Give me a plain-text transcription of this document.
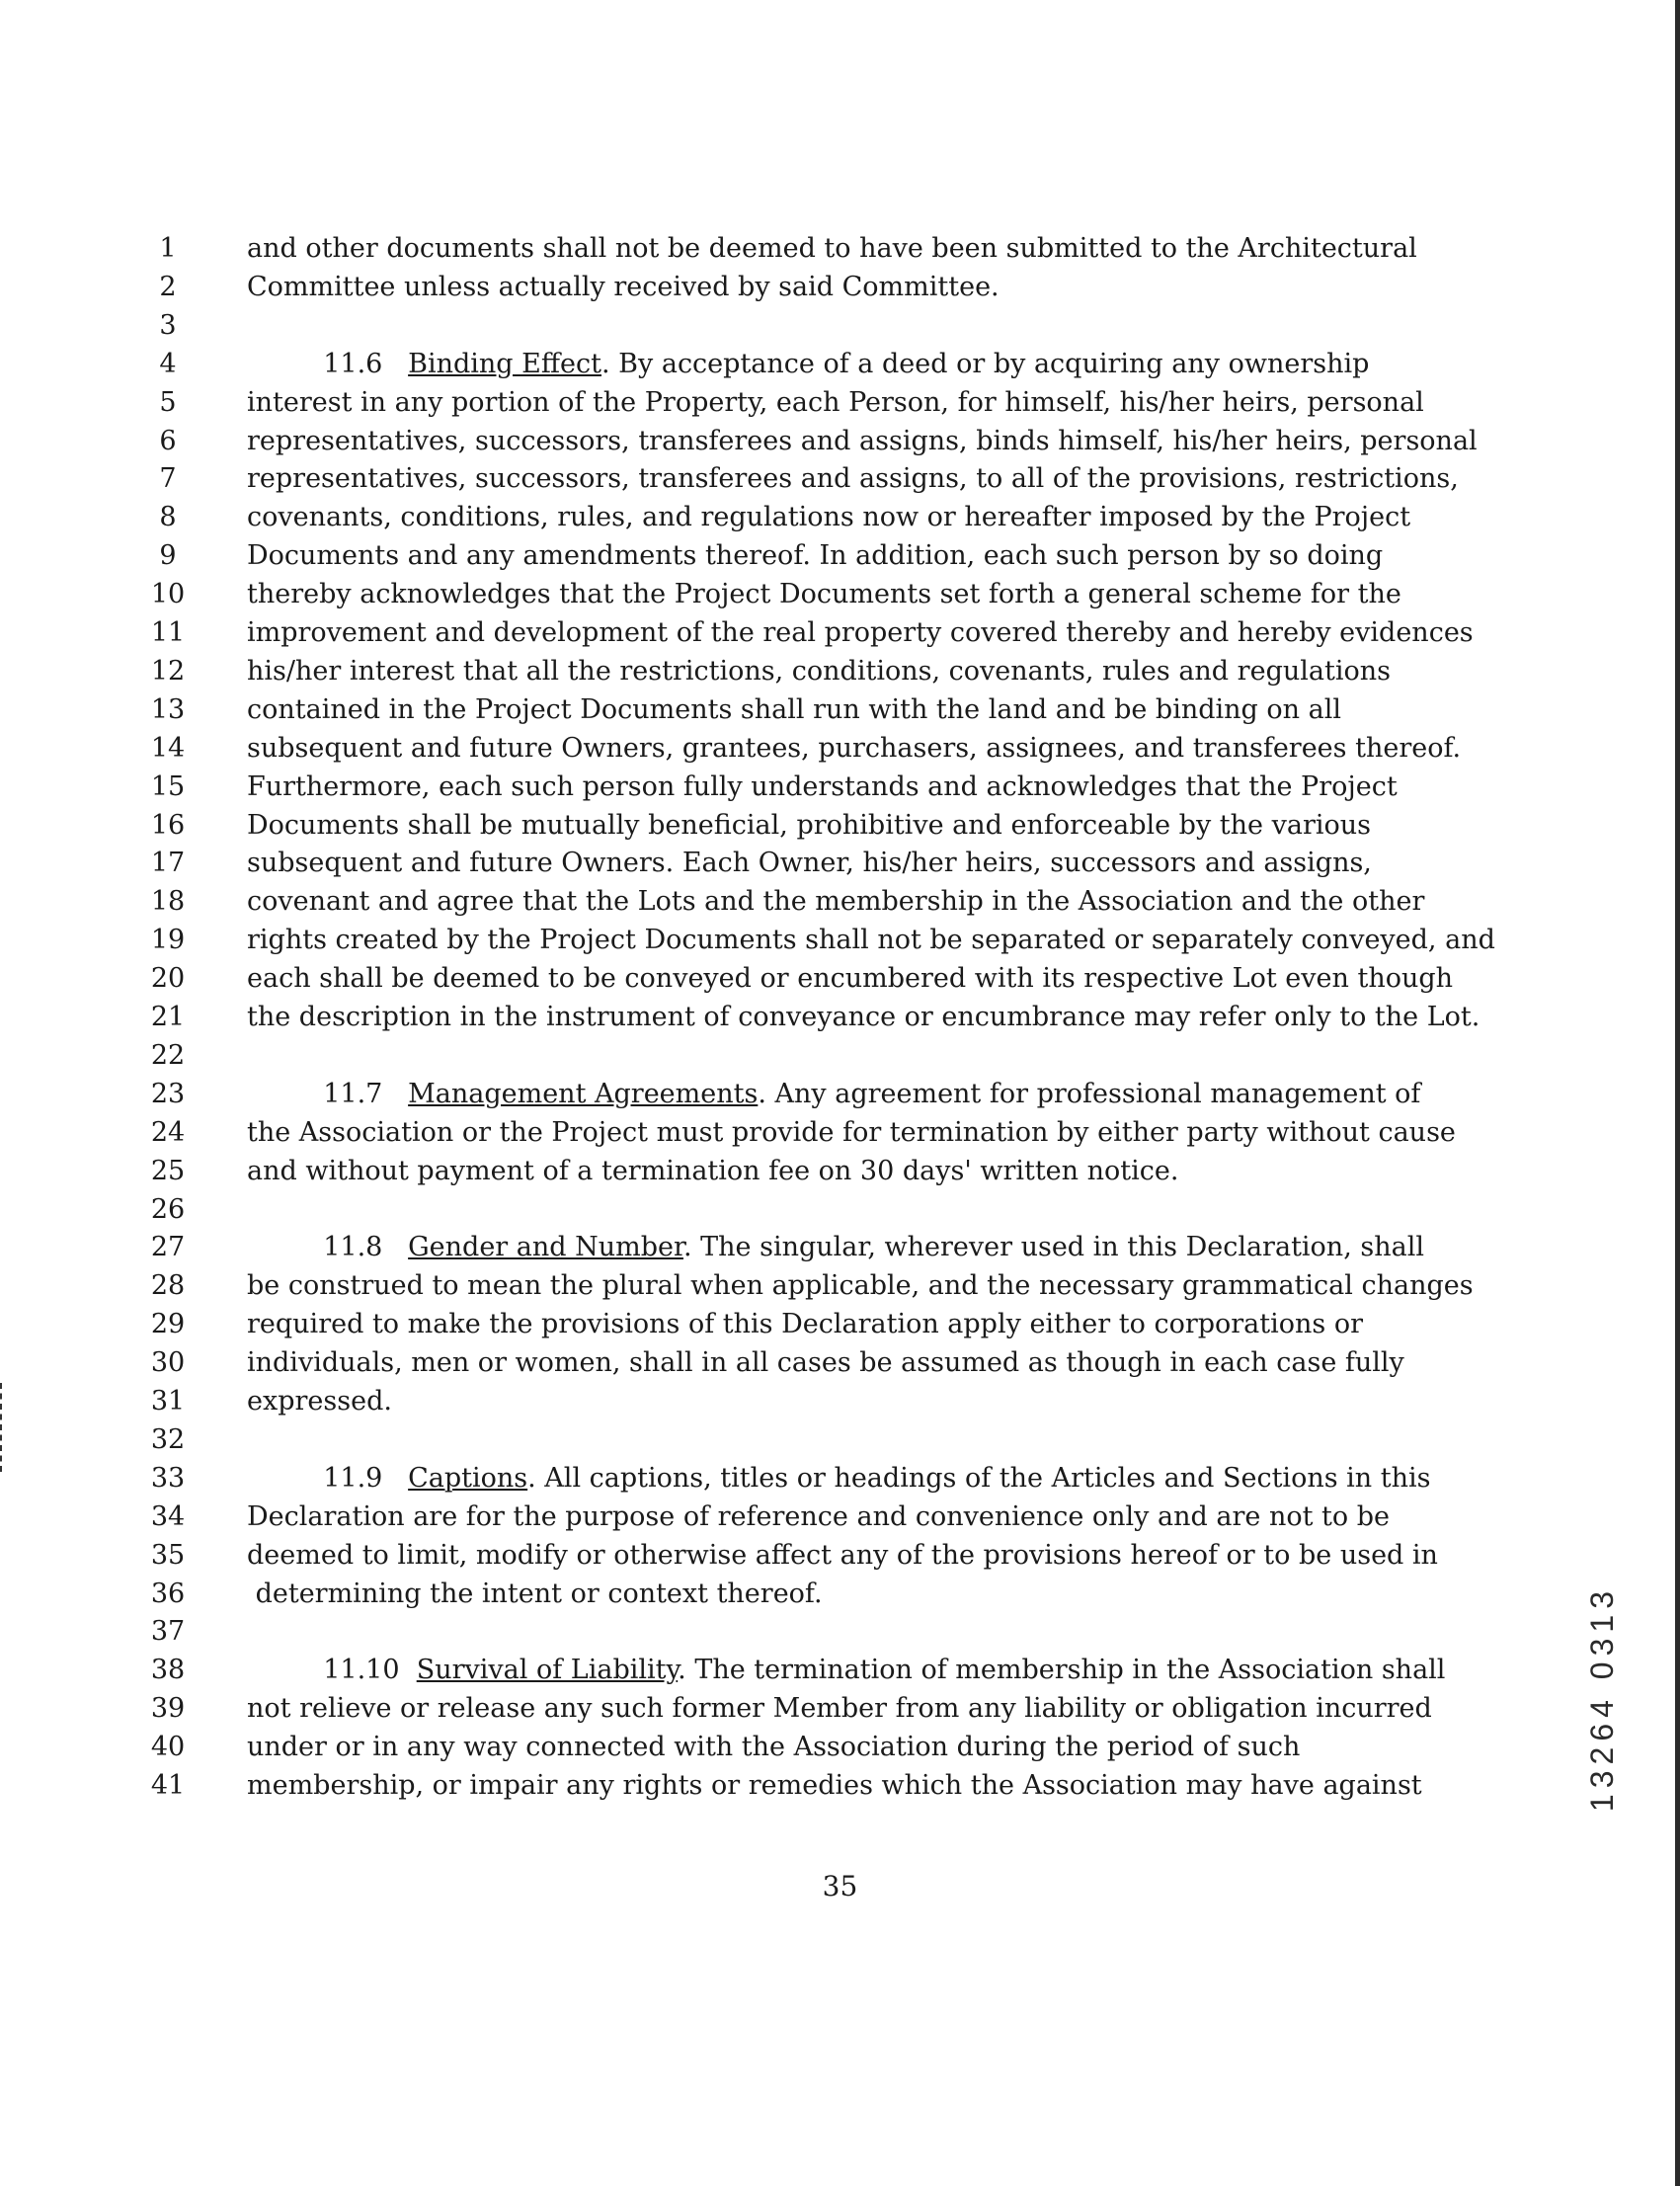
1	and other documents shall not be deemed to have been submitted to the Architectural
2	Committee unless actually received by said Committee.
3
4	11.6   Binding Effect. By acceptance of a deed or by acquiring any ownership
5	interest in any portion of the Property, each Person, for himself, his/her heirs, personal
6	representatives, successors, transferees and assigns, binds himself, his/her heirs, personal
7	representatives, successors, transferees and assigns, to all of the provisions, restrictions,
8	covenants, conditions, rules, and regulations now or hereafter imposed by the Project
9	Documents and any amendments thereof. In addition, each such person by so doing
10 thereby acknowledges that the Project Documents set forth a general scheme for the
11 improvement and development of the real property covered thereby and hereby evidences
12 his/her interest that all the restrictions, conditions, covenants, rules and regulations
13 contained in the Project Documents shall run with the land and be binding on all
14 subsequent and future Owners, grantees, purchasers, assignees, and transferees thereof.
15 Furthermore, each such person fully understands and acknowledges that the Project
16 Documents shall be mutually beneficial, prohibitive and enforceable by the various
17 subsequent and future Owners. Each Owner, his/her heirs, successors and assigns,
18 covenant and agree that the Lots and the membership in the Association and the other
19 rights created by the Project Documents shall not be separated or separately conveyed, and
20 each shall be deemed to be conveyed or encumbered with its respective Lot even though
21 the description in the instrument of conveyance or encumbrance may refer only to the Lot.
22
23 11.7   Management Agreements. Any agreement for professional management of
24 the Association or the Project must provide for termination by either party without cause
25 and without payment of a termination fee on 30 days' written notice.
26
27 11.8   Gender and Number. The singular, wherever used in this Declaration, shall
28 be construed to mean the plural when applicable, and the necessary grammatical changes
29 required to make the provisions of this Declaration apply either to corporations or
30 individuals, men or women, shall in all cases be assumed as though in each case fully
31 expressed.
32
33 11.9   Captions. All captions, titles or headings of the Articles and Sections in this
34 Declaration are for the purpose of reference and convenience only and are not to be
35 deemed to limit, modify or otherwise affect any of the provisions hereof or to be used in
36 determining the intent or context thereof.
37
38 11.10  Survival of Liability. The termination of membership in the Association shall
39 not relieve or release any such former Member from any liability or obligation incurred
40 under or in any way connected with the Association during the period of such
41 membership, or impair any rights or remedies which the Association may have against
35
13264 0313
